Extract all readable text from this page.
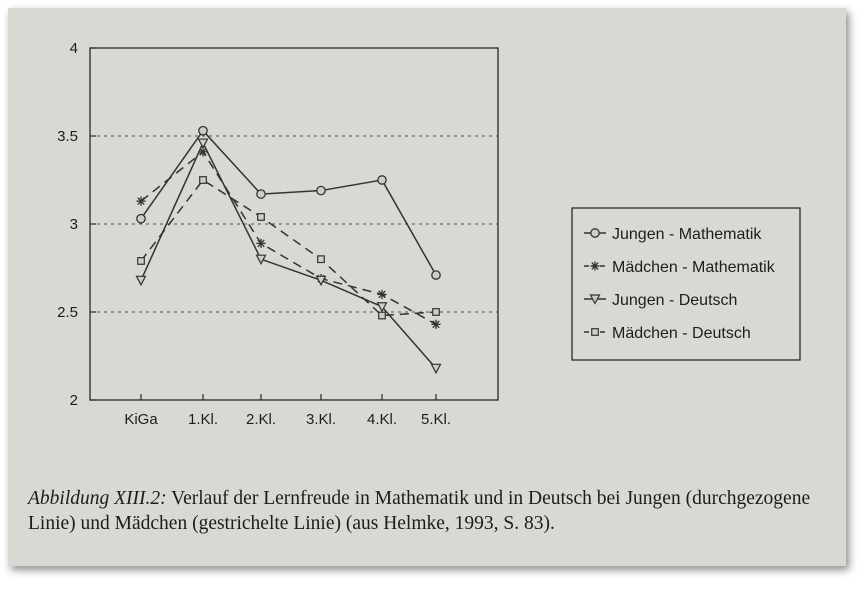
2
2.5
3
3.5
4
KiGa 1.Kl. 2.Kl. 3.Kl. 4.Kl. 5.Kl.
Jungen - Mathematik
Mädchen - Mathematik
Jungen - Deutsch
Mädchen - Deutsch
Abbildung XIII.2: Verlauf der Lernfreude in Mathematik und in Deutsch bei Jungen (durchgezogene Linie) und Mädchen (gestrichelte Linie) (aus Helmke, 1993, S. 83).
